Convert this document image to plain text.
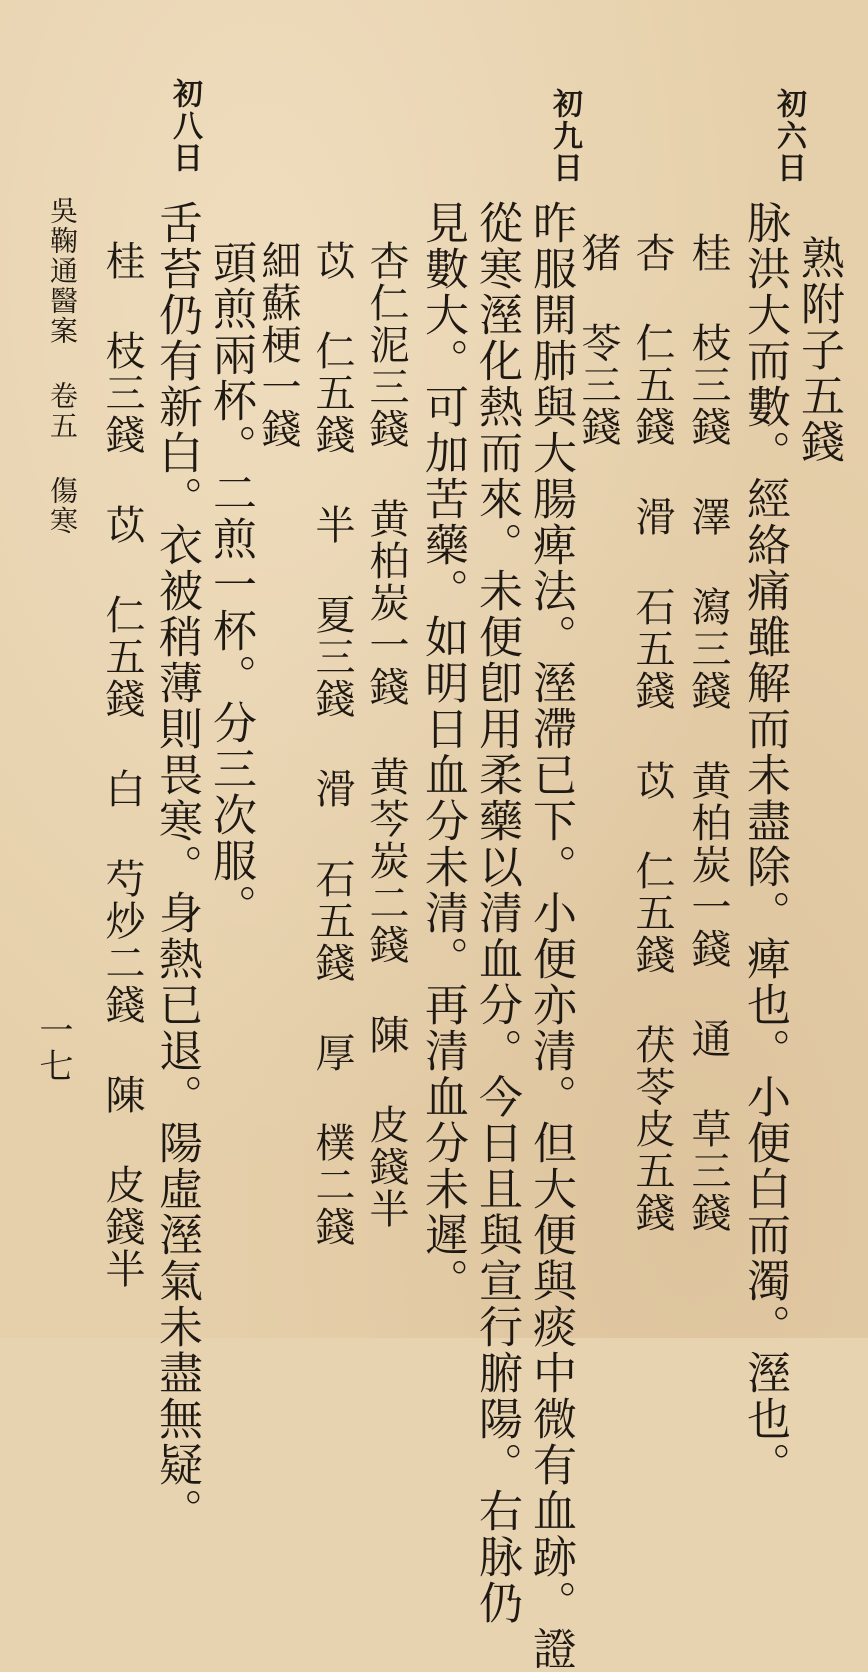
初六日
熟附子五錢
脉洪大而數。經絡痛雖解而未盡除。痺也。小便白而濁。溼也。
桂 枝三錢 澤 瀉三錢 黄柏炭一錢 通 草三錢
杏 仁五錢 滑 石五錢 苡 仁五錢 茯苓皮五錢
猪 苓三錢
初九日
昨服開肺與大腸痺法。溼滯已下。小便亦清。但大便與痰中微有血跡。證
從寒溼化熱而來。未便卽用柔藥以清血分。今日且與宣行腑陽。右脉仍
見數大。可加苦藥。如明日血分未清。再清血分未遲。
杏仁泥三錢 黄柏炭一錢 黄芩炭二錢 陳 皮錢半
苡 仁五錢 半 夏三錢 滑 石五錢 厚 樸二錢
細蘇梗一錢
頭煎兩杯。二煎一杯。分三次服。
初八日
舌苔仍有新白。衣被稍薄則畏寒。身熱已退。陽虛溼氣未盡無疑。
桂 枝三錢 苡 仁五錢 白 芍炒二錢 陳 皮錢半
吳鞠通醫案 卷五 傷寒
一七
